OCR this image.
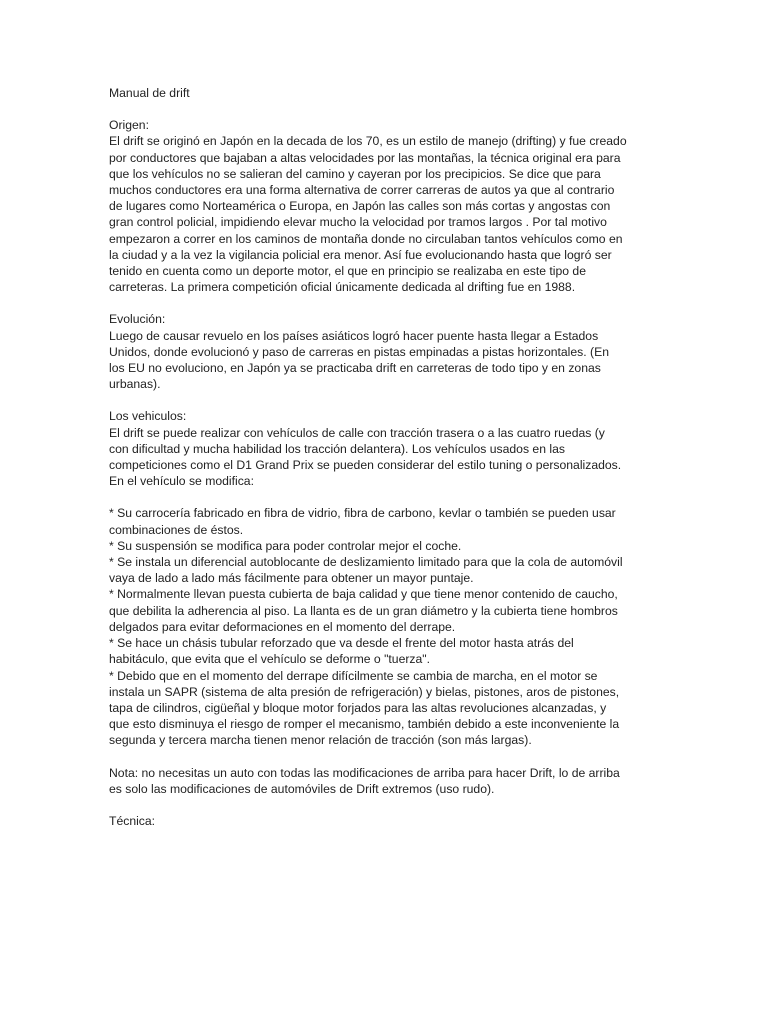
Manual de drift
Origen:
El drift se originó en Japón en la decada de los 70, es un estilo de manejo (drifting) y fue creado
por conductores que bajaban a altas velocidades por las montañas, la técnica original era para
que los vehículos no se salieran del camino y cayeran por los precipicios. Se dice que para
muchos conductores era una forma alternativa de correr carreras de autos ya que al contrario
de lugares como Norteamérica o Europa, en Japón las calles son más cortas y angostas con
gran control policial, impidiendo elevar mucho la velocidad por tramos largos . Por tal motivo
empezaron a correr en los caminos de montaña donde no circulaban tantos vehículos como en
la ciudad y a la vez la vigilancia policial era menor. Así fue evolucionando hasta que logró ser
tenido en cuenta como un deporte motor, el que en principio se realizaba en este tipo de
carreteras. La primera competición oficial únicamente dedicada al drifting fue en 1988.
Evolución:
Luego de causar revuelo en los países asiáticos logró hacer puente hasta llegar a Estados
Unidos, donde evolucionó y paso de carreras en pistas empinadas a pistas horizontales. (En
los EU no evoluciono, en Japón ya se practicaba drift en carreteras de todo tipo y en zonas
urbanas).
Los vehiculos:
El drift se puede realizar con vehículos de calle con tracción trasera o a las cuatro ruedas (y
con dificultad y mucha habilidad los tracción delantera). Los vehículos usados en las
competiciones como el D1 Grand Prix se pueden considerar del estilo tuning o personalizados.
En el vehículo se modifica:
* Su carrocería fabricado en fibra de vidrio, fibra de carbono, kevlar o también se pueden usar
combinaciones de éstos.
* Su suspensión se modifica para poder controlar mejor el coche.
* Se instala un diferencial autoblocante de deslizamiento limitado para que la cola de automóvil
vaya de lado a lado más fácilmente para obtener un mayor puntaje.
* Normalmente llevan puesta cubierta de baja calidad y que tiene menor contenido de caucho,
que debilita la adherencia al piso. La llanta es de un gran diámetro y la cubierta tiene hombros
delgados para evitar deformaciones en el momento del derrape.
* Se hace un chásis tubular reforzado que va desde el frente del motor hasta atrás del
habitáculo, que evita que el vehículo se deforme o "tuerza".
* Debido que en el momento del derrape difícilmente se cambia de marcha, en el motor se
instala un SAPR (sistema de alta presión de refrigeración) y bielas, pistones, aros de pistones,
tapa de cilindros, cigüeñal y bloque motor forjados para las altas revoluciones alcanzadas, y
que esto disminuya el riesgo de romper el mecanismo, también debido a este inconveniente la
segunda y tercera marcha tienen menor relación de tracción (son más largas).
Nota: no necesitas un auto con todas las modificaciones de arriba para hacer Drift, lo de arriba
es solo las modificaciones de automóviles de Drift extremos (uso rudo).
Técnica:
